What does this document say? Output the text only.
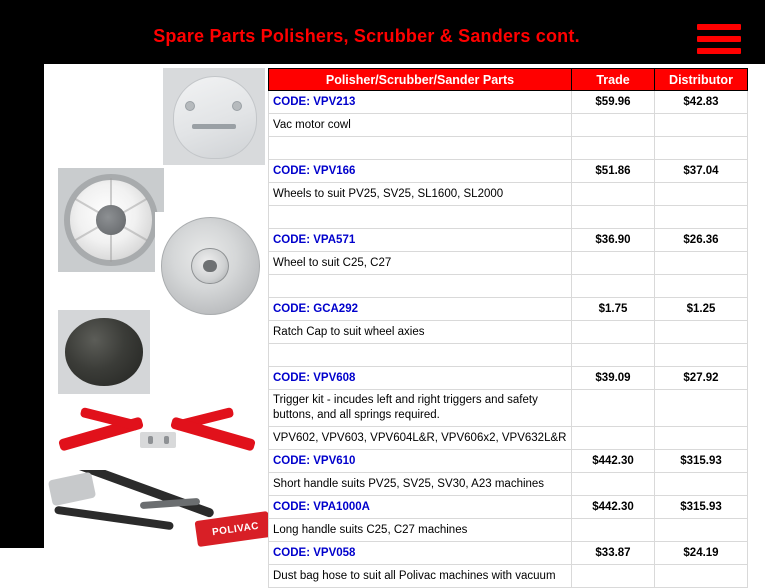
Spare Parts Polishers, Scrubber & Sanders cont.
POLIVAC
Polisher/Scrubber/Sander Parts	Trade	Distributor
CODE: VPV213	$59.96	$42.83
Vac motor cowl		

CODE: VPV166	$51.86	$37.04
Wheels to suit PV25, SV25, SL1600, SL2000		

CODE: VPA571	$36.90	$26.36
Wheel to suit C25, C27		

CODE: GCA292	$1.75	$1.25
Ratch Cap to suit wheel axies		

CODE: VPV608	$39.09	$27.92

Trigger kit - incudes left and right triggers and safety
buttons, and all springs required.		

VPV602, VPV603, VPV604L&R, VPV606x2, VPV632L&R		
CODE: VPV610	$442.30	$315.93
Short handle suits PV25, SV25, SV30, A23 machines		
CODE: VPA1000A	$442.30	$315.93
Long handle suits C25, C27 machines		
CODE: VPV058	$33.87	$24.19
Dust bag hose to suit all Polivac machines with vacuum		
